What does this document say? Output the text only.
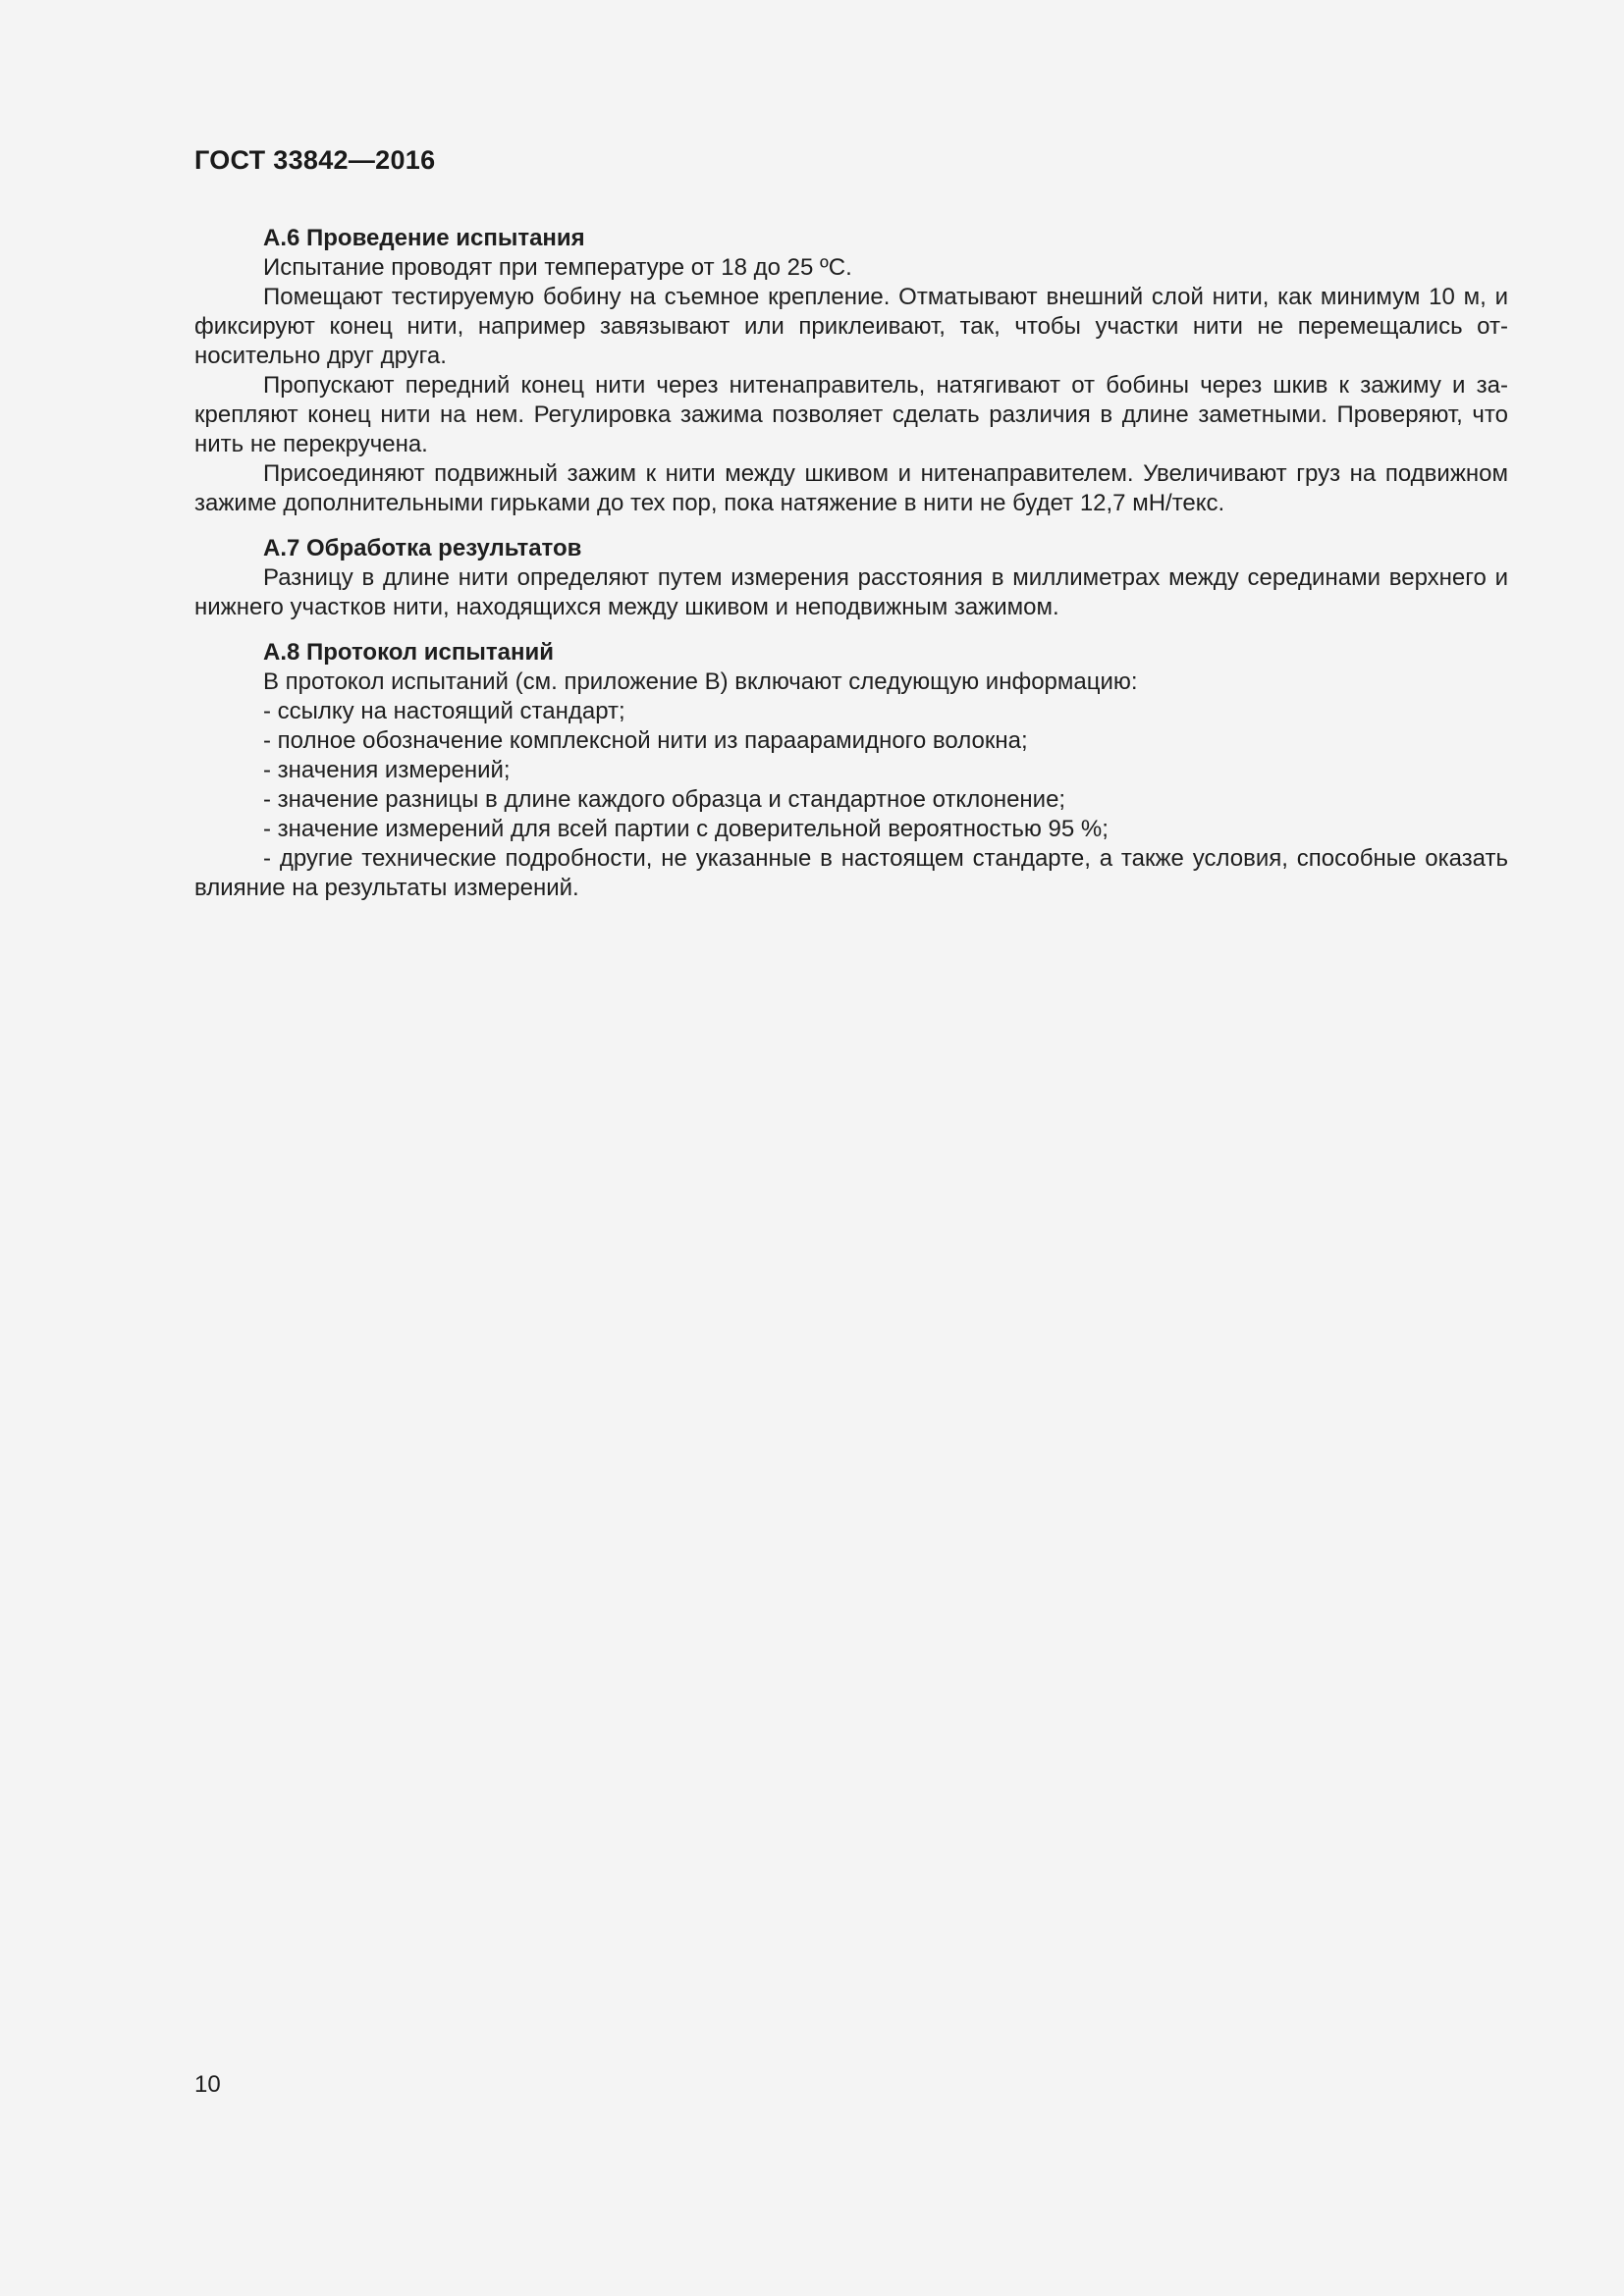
ГОСТ 33842—2016
А.6 Проведение испытания

Испытание проводят при температуре от 18 до 25 ºС.

Помещают тестируемую бобину на съемное крепление. Отматывают внешний слой нити, как минимум 10 м, и фиксируют конец нити, например завязывают или приклеивают, так, чтобы участки нити не перемещались относительно друг друга.

Пропускают передний конец нити через нитенаправитель, натягивают от бобины через шкив к зажиму и закрепляют конец нити на нем. Регулировка зажима позволяет сделать различия в длине заметными. Проверяют, что нить не перекручена.

Присоединяют подвижный зажим к нити между шкивом и нитенаправителем. Увеличивают груз на подвижном зажиме дополнительными гирьками до тех пор, пока натяжение в нити не будет 12,7 мН/текс.

А.7 Обработка результатов

Разницу в длине нити определяют путем измерения расстояния в миллиметрах между серединами верхнего и нижнего участков нити, находящихся между шкивом и неподвижным зажимом.

А.8 Протокол испытаний

В протокол испытаний (см. приложение В) включают следующую информацию:

- ссылку на настоящий стандарт;

- полное обозначение комплексной нити из параарамидного волокна;

- значения измерений;

- значение разницы в длине каждого образца и стандартное отклонение;

- значение измерений для всей партии с доверительной вероятностью 95 %;

- другие технические подробности, не указанные в настоящем стандарте, а также условия, способные оказать влияние на результаты измерений.

10
